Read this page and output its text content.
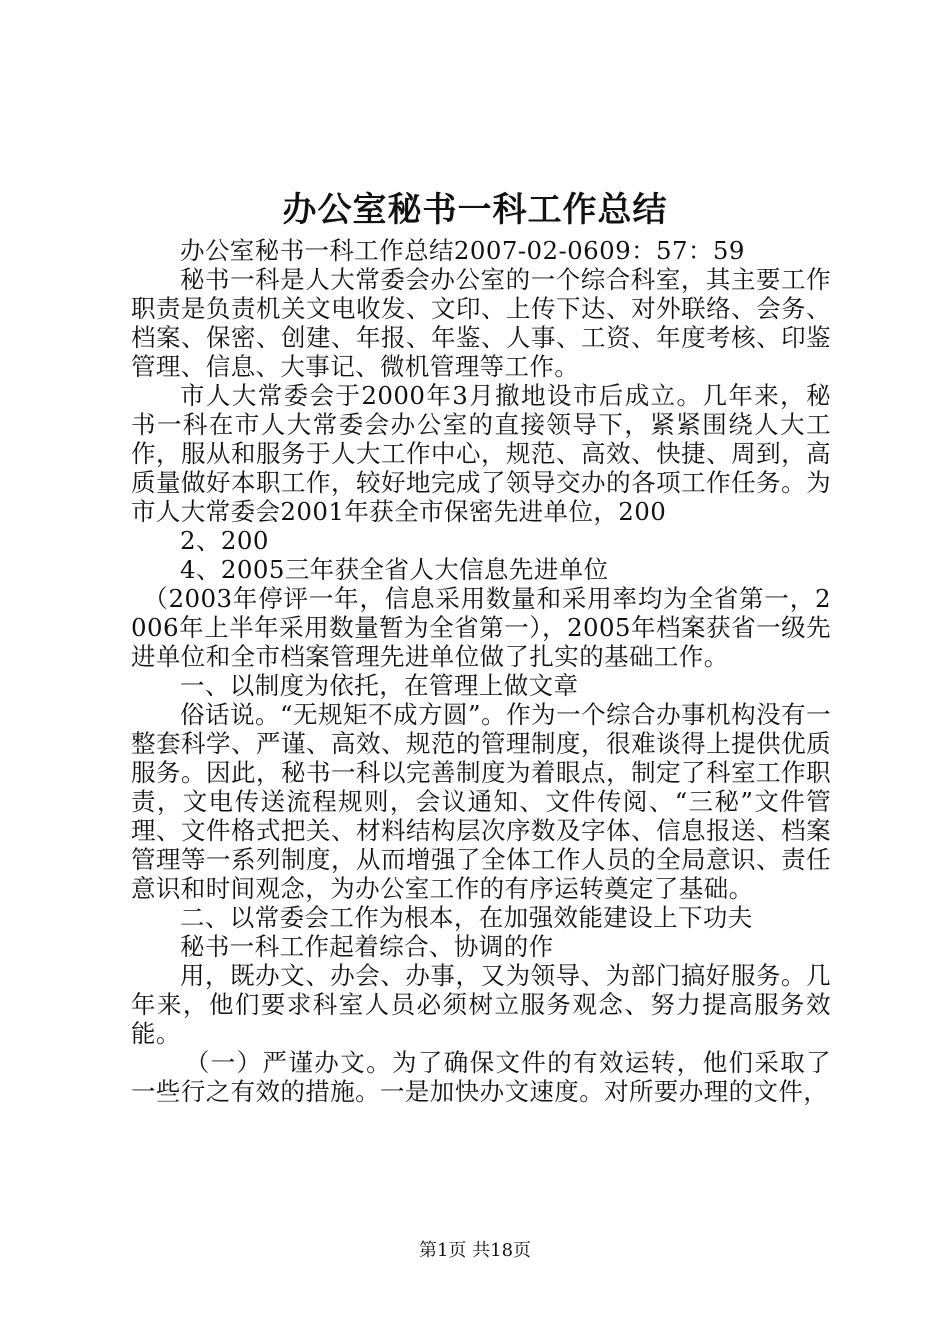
办公室秘书一科工作总结

办公室秘书一科工作总结2007-02-0609：57：59

秘书一科是人大常委会办公室的一个综合科室，其主要工作职责是负责机关文电收发、文印、上传下达、对外联络、会务、档案、保密、创建、年报、年鉴、人事、工资、年度考核、印鉴管理、信息、大事记、微机管理等工作。

市人大常委会于2000年3月撤地设市后成立。几年来，秘书一科在市人大常委会办公室的直接领导下，紧紧围绕人大工作，服从和服务于人大工作中心，规范、高效、快捷、周到，高质量做好本职工作，较好地完成了领导交办的各项工作任务。为市人大常委会2001年获全市保密先进单位，200

2、200

4、2005三年获全省人大信息先进单位

（2003年停评一年，信息采用数量和采用率均为全省第一，2006年上半年采用数量暂为全省第一），2005年档案获省一级先进单位和全市档案管理先进单位做了扎实的基础工作。

一、以制度为依托，在管理上做文章

俗话说。“无规矩不成方圆”。作为一个综合办事机构没有一整套科学、严谨、高效、规范的管理制度，很难谈得上提供优质服务。因此，秘书一科以完善制度为着眼点，制定了科室工作职责，文电传送流程规则，会议通知、文件传阅、“三秘”文件管理、文件格式把关、材料结构层次序数及字体、信息报送、档案管理等一系列制度，从而增强了全体工作人员的全局意识、责任意识和时间观念，为办公室工作的有序运转奠定了基础。

二、以常委会工作为根本，在加强效能建设上下功夫

秘书一科工作起着综合、协调的作

用，既办文、办会、办事，又为领导、为部门搞好服务。几年来，他们要求科室人员必须树立服务观念、努力提高服务效能。

（一）严谨办文。为了确保文件的有效运转，他们采取了一些行之有效的措施。一是加快办文速度。对所要办理的文件，

第1页 共18页
